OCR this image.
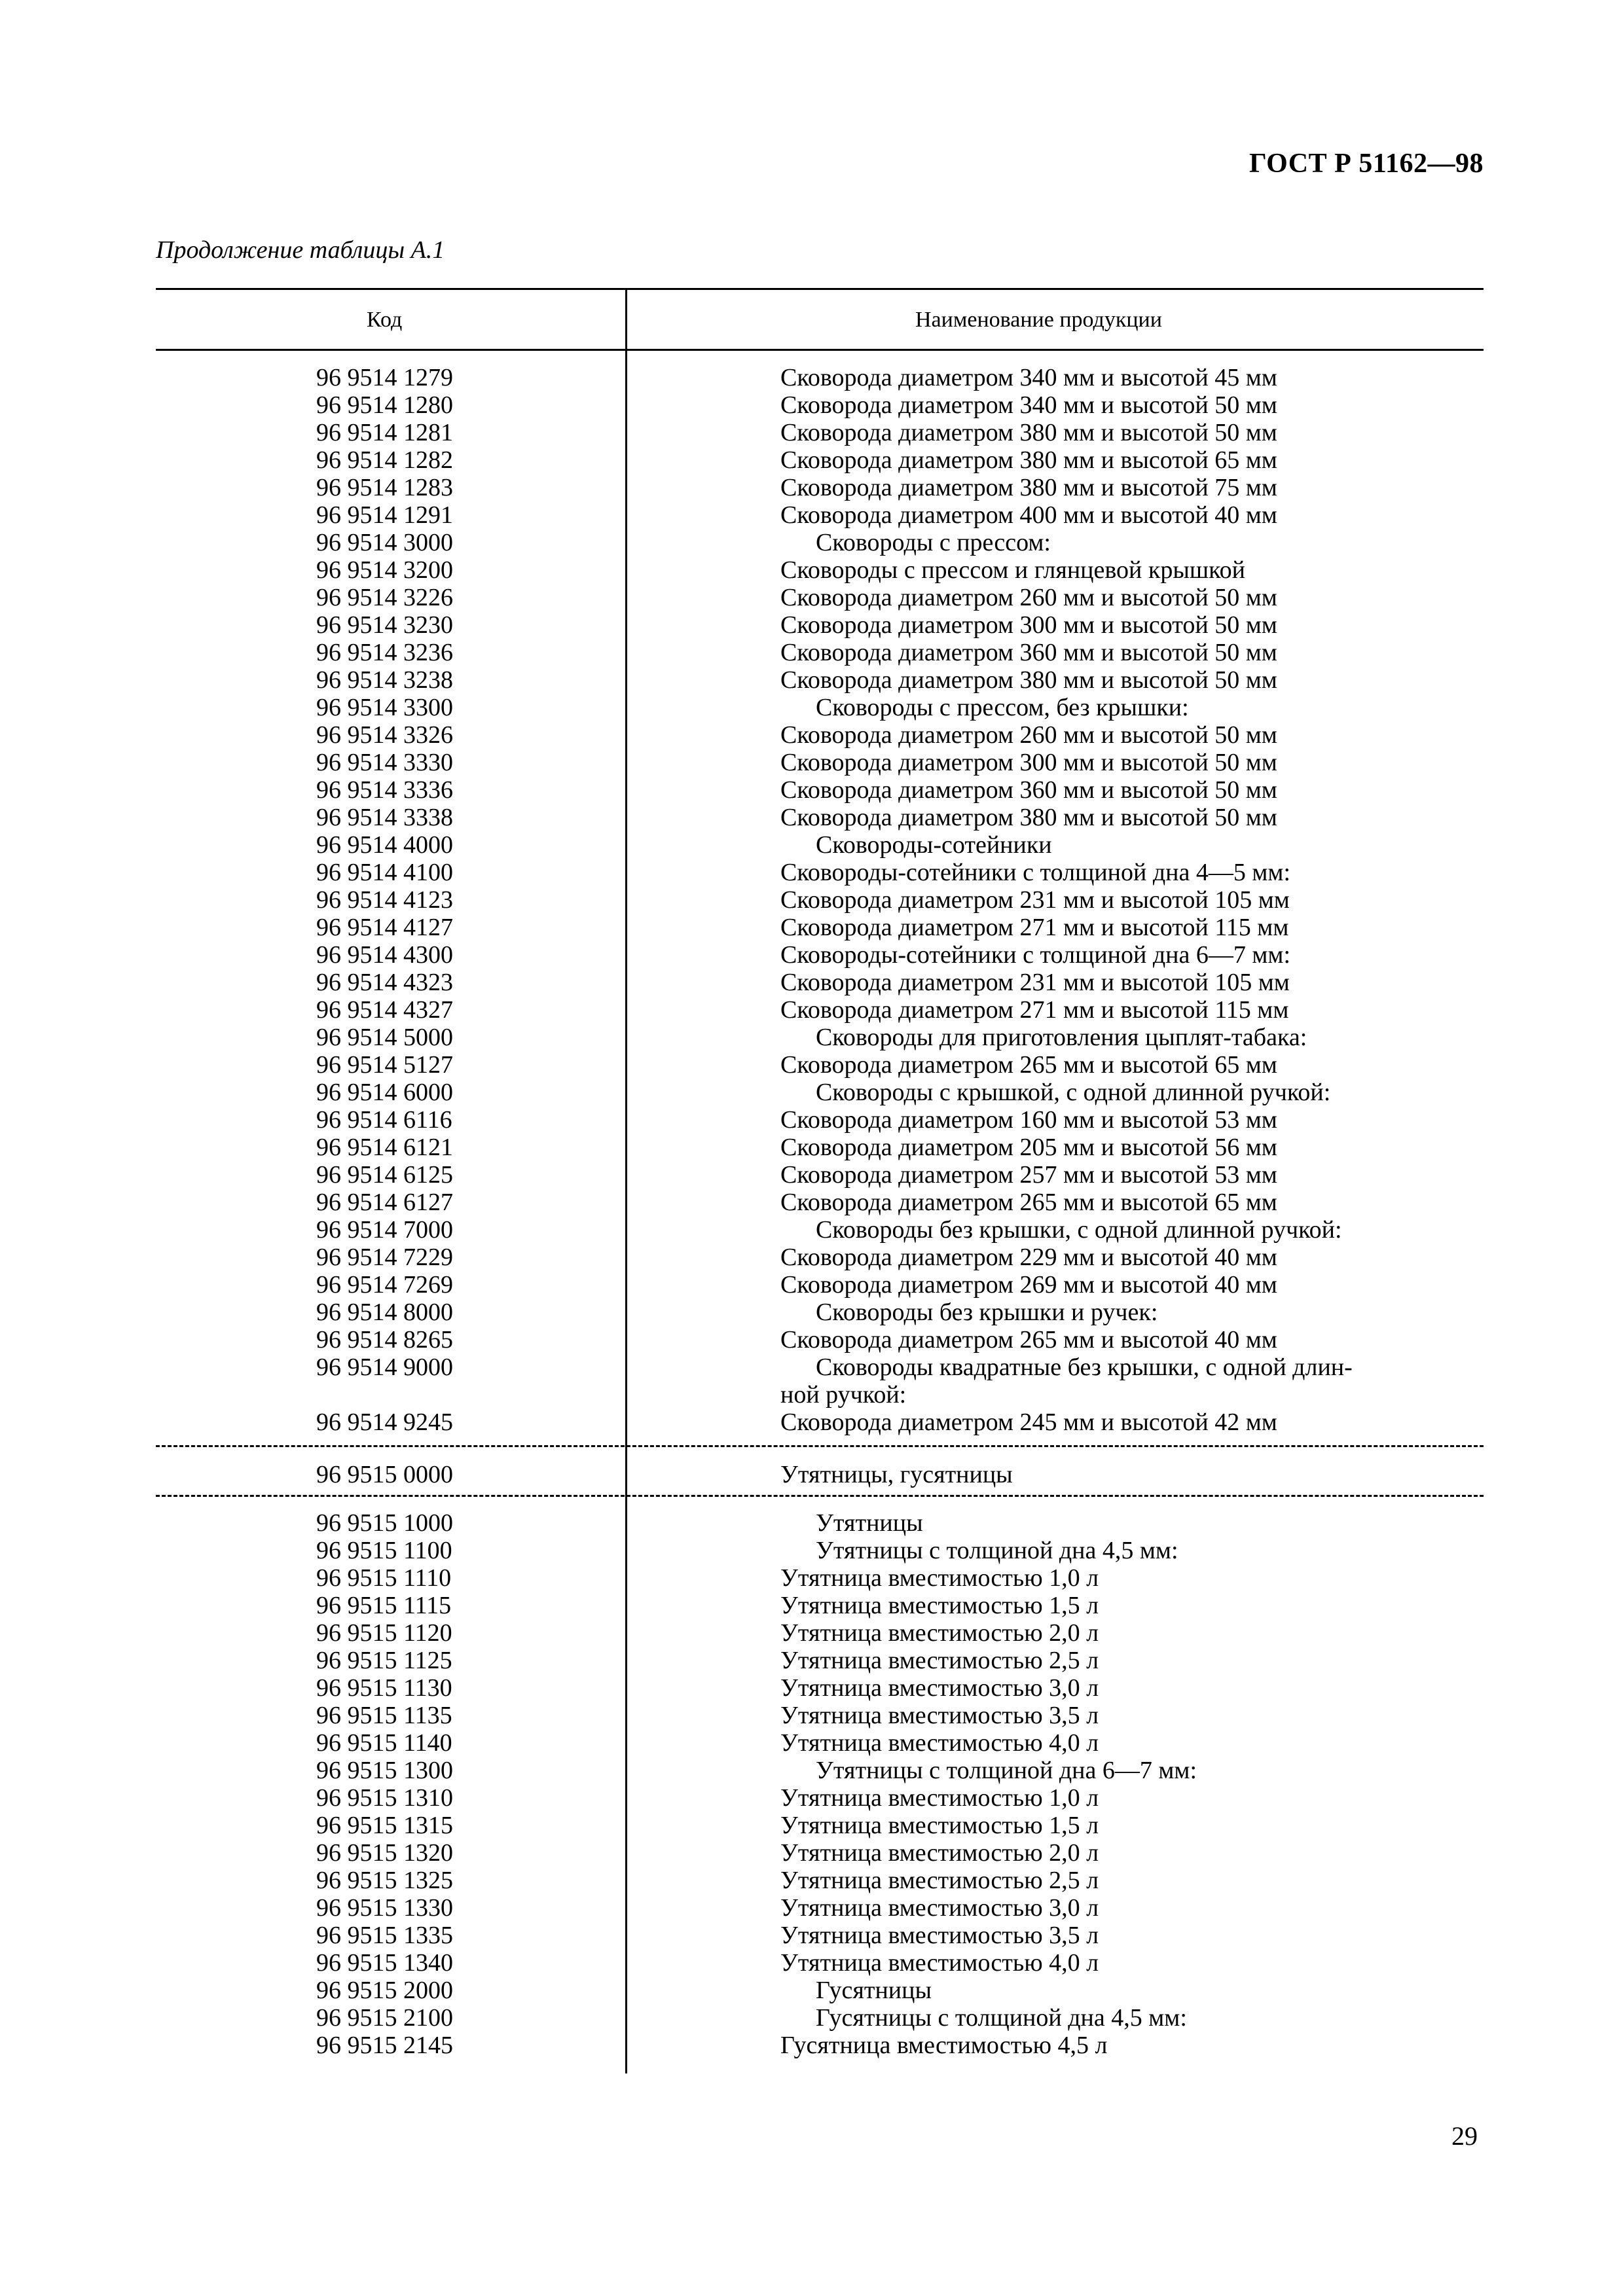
ГОСТ Р 51162—98
Продолжение таблицы А.1
Код	Наименование продукции
96 9514 1279	Сковорода диаметром 340 мм и высотой 45 мм
96 9514 1280	Сковорода диаметром 340 мм и высотой 50 мм
96 9514 1281	Сковорода диаметром 380 мм и высотой 50 мм
96 9514 1282	Сковорода диаметром 380 мм и высотой 65 мм
96 9514 1283	Сковорода диаметром 380 мм и высотой 75 мм
96 9514 1291	Сковорода диаметром 400 мм и высотой 40 мм
96 9514 3000	Сковороды с прессом:
96 9514 3200	Сковороды с прессом и глянцевой крышкой
96 9514 3226	Сковорода диаметром 260 мм и высотой 50 мм
96 9514 3230	Сковорода диаметром 300 мм и высотой 50 мм
96 9514 3236	Сковорода диаметром 360 мм и высотой 50 мм
96 9514 3238	Сковорода диаметром 380 мм и высотой 50 мм
96 9514 3300	Сковороды с прессом, без крышки:
96 9514 3326	Сковорода диаметром 260 мм и высотой 50 мм
96 9514 3330	Сковорода диаметром 300 мм и высотой 50 мм
96 9514 3336	Сковорода диаметром 360 мм и высотой 50 мм
96 9514 3338	Сковорода диаметром 380 мм и высотой 50 мм
96 9514 4000	Сковороды-сотейники
96 9514 4100	Сковороды-сотейники с толщиной дна 4—5 мм:
96 9514 4123	Сковорода диаметром 231 мм и высотой 105 мм
96 9514 4127	Сковорода диаметром 271 мм и высотой 115 мм
96 9514 4300	Сковороды-сотейники с толщиной дна 6—7 мм:
96 9514 4323	Сковорода диаметром 231 мм и высотой 105 мм
96 9514 4327	Сковорода диаметром 271 мм и высотой 115 мм
96 9514 5000	Сковороды для приготовления цыплят-табака:
96 9514 5127	Сковорода диаметром 265 мм и высотой 65 мм
96 9514 6000	Сковороды с крышкой, с одной длинной ручкой:
96 9514 6116	Сковорода диаметром 160 мм и высотой 53 мм
96 9514 6121	Сковорода диаметром 205 мм и высотой 56 мм
96 9514 6125	Сковорода диаметром 257 мм и высотой 53 мм
96 9514 6127	Сковорода диаметром 265 мм и высотой 65 мм
96 9514 7000	Сковороды без крышки, с одной длинной ручкой:
96 9514 7229	Сковорода диаметром 229 мм и высотой 40 мм
96 9514 7269	Сковорода диаметром 269 мм и высотой 40 мм
96 9514 8000	Сковороды без крышки и ручек:
96 9514 8265	Сковорода диаметром 265 мм и высотой 40 мм
96 9514 9000	Сковороды квадратные без крышки, с одной длин-
ной ручкой:
96 9514 9245	Сковорода диаметром 245 мм и высотой 42 мм
96 9515 0000	Утятницы, гусятницы
96 9515 1000	Утятницы
96 9515 1100	Утятницы с толщиной дна 4,5 мм:
96 9515 1110	Утятница вместимостью 1,0 л
96 9515 1115	Утятница вместимостью 1,5 л
96 9515 1120	Утятница вместимостью 2,0 л
96 9515 1125	Утятница вместимостью 2,5 л
96 9515 1130	Утятница вместимостью 3,0 л
96 9515 1135	Утятница вместимостью 3,5 л
96 9515 1140	Утятница вместимостью 4,0 л
96 9515 1300	Утятницы с толщиной дна 6—7 мм:
96 9515 1310	Утятница вместимостью 1,0 л
96 9515 1315	Утятница вместимостью 1,5 л
96 9515 1320	Утятница вместимостью 2,0 л
96 9515 1325	Утятница вместимостью 2,5 л
96 9515 1330	Утятница вместимостью 3,0 л
96 9515 1335	Утятница вместимостью 3,5 л
96 9515 1340	Утятница вместимостью 4,0 л
96 9515 2000	Гусятницы
96 9515 2100	Гусятницы с толщиной дна 4,5 мм:
96 9515 2145	Гусятница вместимостью 4,5 л
29
